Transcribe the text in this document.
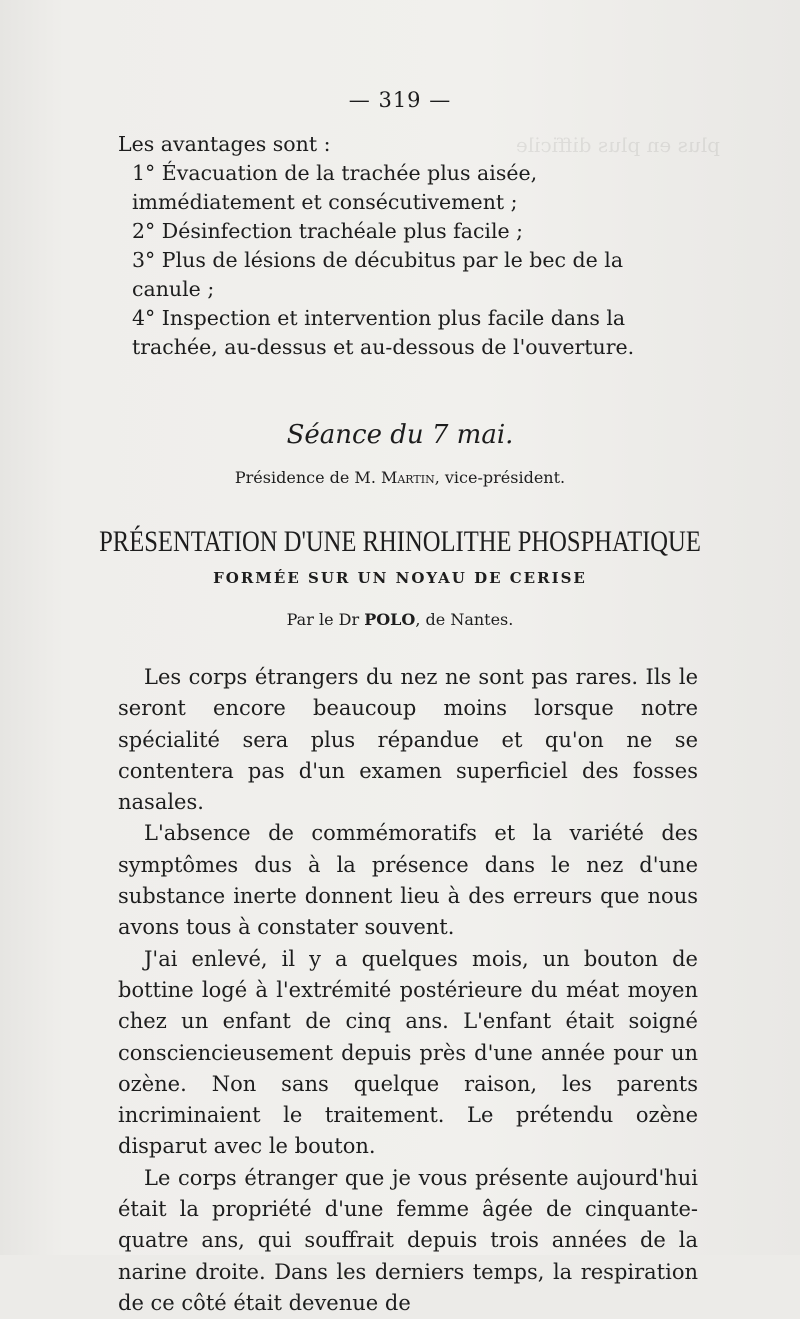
plus en plus difficile
— 319 —
Les avantages sont :
1° Évacuation de la trachée plus aisée, immédiatement et consécutivement ;
2° Désinfection trachéale plus facile ;
3° Plus de lésions de décubitus par le bec de la canule ;
4° Inspection et intervention plus facile dans la trachée, au-dessus et au-dessous de l'ouverture.
Séance du 7 mai.
Présidence de M. Martin, vice-président.
PRÉSENTATION D'UNE RHINOLITHE PHOSPHATIQUE
FORMÉE SUR UN NOYAU DE CERISE
Par le Dr POLO, de Nantes.

Les corps étrangers du nez ne sont pas rares. Ils le seront encore beaucoup moins lorsque notre spécialité sera plus répandue et qu'on ne se contentera pas d'un examen superficiel des fosses nasales.

L'absence de commémoratifs et la variété des symptômes dus à la présence dans le nez d'une substance inerte donnent lieu à des erreurs que nous avons tous à constater souvent.

J'ai enlevé, il y a quelques mois, un bouton de bottine logé à l'extrémité postérieure du méat moyen chez un enfant de cinq ans. L'enfant était soigné consciencieusement depuis près d'une année pour un ozène. Non sans quelque raison, les parents incriminaient le traitement. Le prétendu ozène disparut avec le bouton.

Le corps étranger que je vous présente aujourd'hui était la propriété d'une femme âgée de cinquante-quatre ans, qui souffrait depuis trois années de la narine droite. Dans les derniers temps, la respiration de ce côté était devenue de
